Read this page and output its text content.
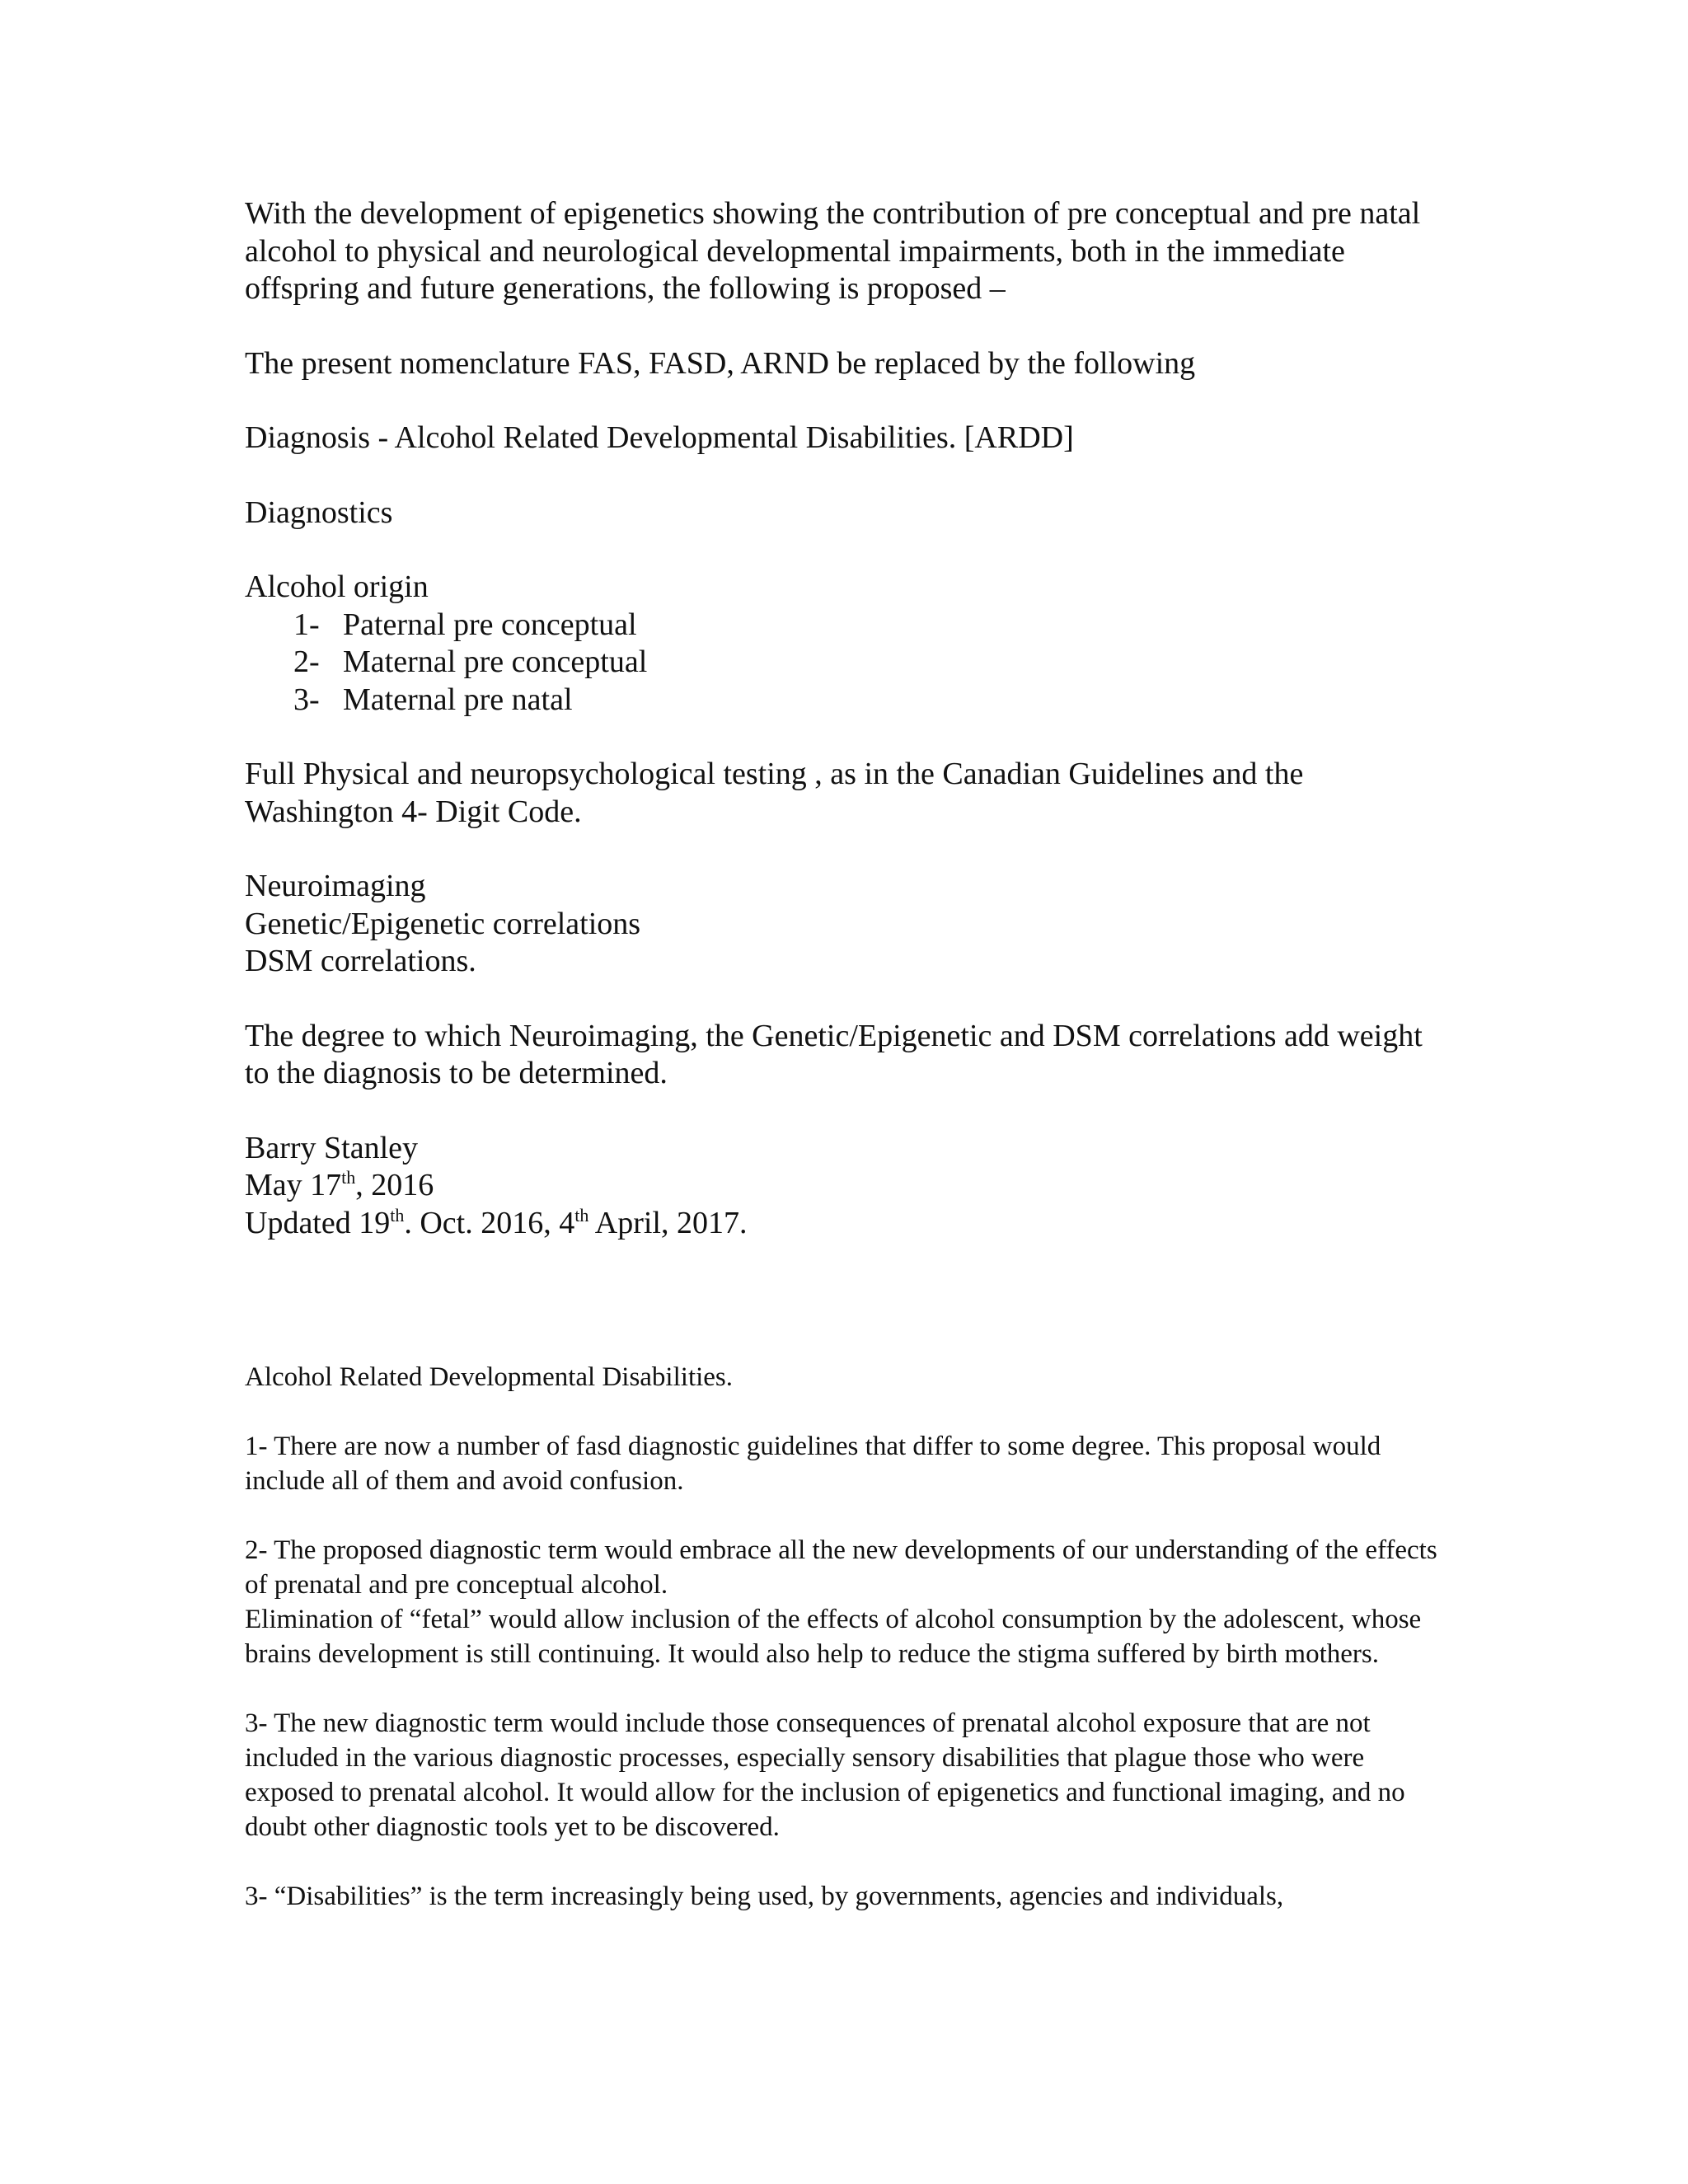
With the development of epigenetics showing the contribution of pre conceptual and pre natal alcohol to physical and neurological developmental impairments, both in the immediate offspring and future generations, the following is proposed –

The present nomenclature FAS, FASD, ARND be replaced by the following

Diagnosis - Alcohol Related Developmental Disabilities. [ARDD]

Diagnostics

Alcohol origin

1- Paternal pre conceptual
2- Maternal pre conceptual
3- Maternal pre natal

Full Physical and neuropsychological testing , as in the Canadian Guidelines and the Washington 4- Digit Code.

Neuroimaging

Genetic/Epigenetic correlations

DSM correlations.

The degree to which Neuroimaging, the Genetic/Epigenetic and DSM correlations add weight to the diagnosis to be determined.

Barry Stanley

May 17th, 2016

Updated 19th. Oct. 2016, 4th April, 2017.

Alcohol Related Developmental Disabilities.

1- There are now a number of fasd diagnostic guidelines that differ to some degree. This proposal would include all of them and avoid confusion.

2- The proposed diagnostic term would embrace all the new developments of our understanding of the effects of prenatal and pre conceptual alcohol.

Elimination of “fetal” would allow inclusion of the effects of alcohol consumption by the adolescent, whose brains development is still continuing. It would also help to reduce the stigma suffered by birth mothers.

3- The new diagnostic term would include those consequences of prenatal alcohol exposure that are not included in the various diagnostic processes, especially sensory disabilities that plague those who were exposed to prenatal alcohol. It would allow for the inclusion of epigenetics and functional imaging, and no doubt other diagnostic tools yet to be discovered.

3- “Disabilities” is the term increasingly being used, by governments, agencies and individuals,
